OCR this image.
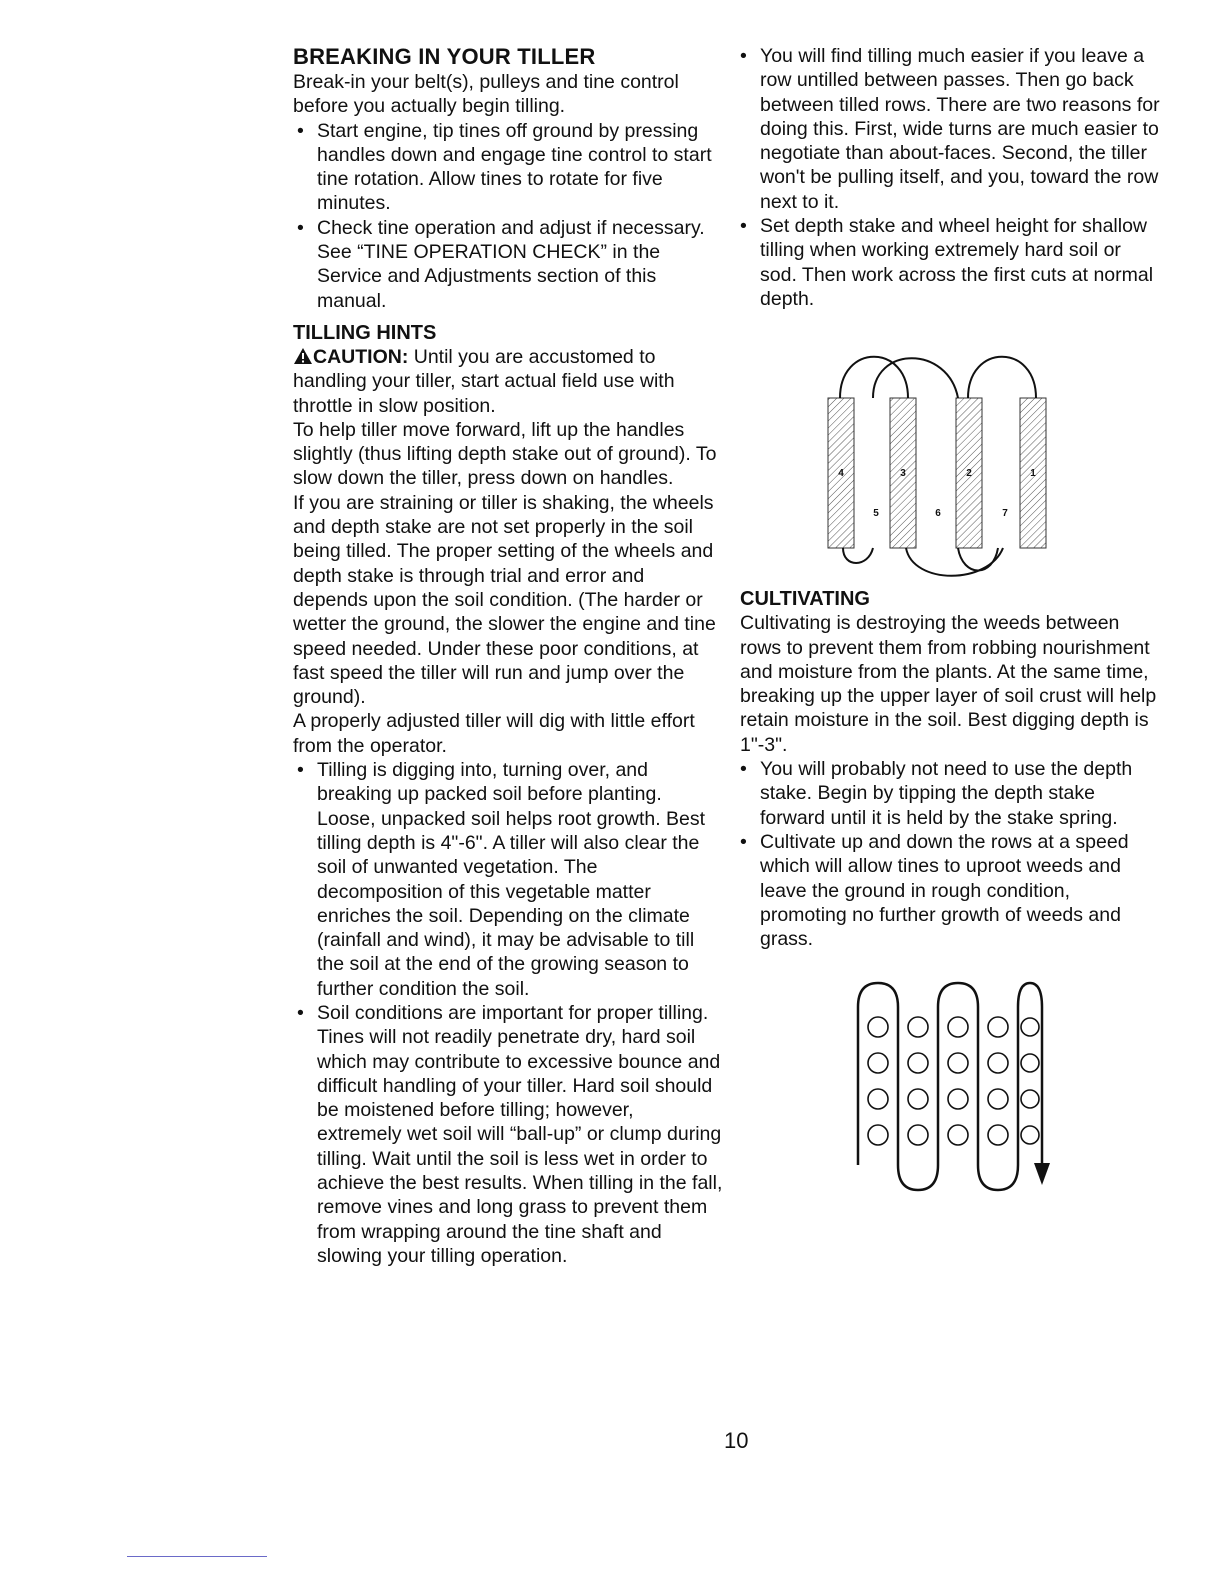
BREAKING IN YOUR TILLER

Break-in your belt(s), pulleys and tine control before you actually begin tilling.

• Start engine, tip tines off ground by pressing handles down and engage tine control to start tine rotation. Allow tines to rotate for five minutes.
• Check tine operation and adjust if necessary. See “TINE OPERATION CHECK” in the Service and Adjustments section of this manual.
TILLING HINTS

CAUTION: Until you are accustomed to handling your tiller, start actual field use with throttle in slow position.

To help tiller move forward, lift up the handles slightly (thus lifting depth stake out of ground). To slow down the tiller, press down on handles.

If you are straining or tiller is shaking, the wheels and depth stake are not set properly in the soil being tilled. The proper setting of the wheels and depth stake is through trial and error and depends upon the soil condition. (The harder or wetter the ground, the slower the engine and tine speed needed. Under these poor conditions, at fast speed the tiller will run and jump over the ground).

A properly adjusted tiller will dig with little effort from the operator.

• Tilling is digging into, turning over, and breaking up packed soil before planting. Loose, unpacked soil helps root growth. Best tilling depth is 4"-6". A tiller will also clear the soil of unwanted vegetation. The decomposition of this vegetable matter enriches the soil. Depending on the climate (rainfall and wind), it may be advisable to till the soil at the end of the growing season to further condition the soil.
• Soil conditions are important for proper tilling. Tines will not readily penetrate dry, hard soil which may contribute to excessive bounce and difficult handling of your tiller. Hard soil should be moistened before tilling; however, extremely wet soil will “ball-up” or clump during tilling. Wait until the soil is less wet in order to achieve the best results. When tilling in the fall, remove vines and long grass to prevent them from wrapping around the tine shaft and slowing your tilling operation.
• You will find tilling much easier if you leave a row untilled between passes. Then go back between tilled rows. There are two reasons for doing this. First, wide turns are much easier to negotiate than about-faces. Second, the tiller won't be pulling itself, and you, toward the row next to it.
• Set depth stake and wheel height for shallow tilling when working extremely hard soil or sod. Then work across the first cuts at normal depth.
CULTIVATING

Cultivating is destroying the weeds between rows to prevent them from robbing nourishment and moisture from the plants. At the same time, breaking up the upper layer of soil crust will help retain moisture in the soil. Best digging depth is 1"-3".

• You will probably not need to use the depth stake. Begin by tipping the depth stake forward until it is held by the stake spring.
• Cultivate up and down the rows at a speed which will allow tines to uproot weeds and leave the ground in rough condition, promoting no further growth of weeds and grass.
4	3	2	1
5	6	7
10
